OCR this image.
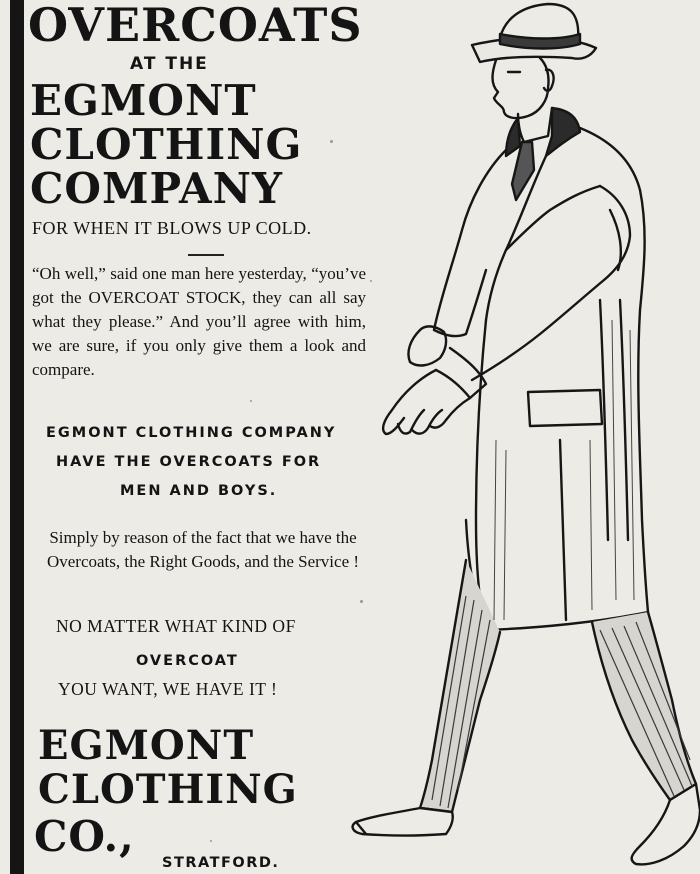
OVERCOATS
AT THE
EGMONT
CLOTHING
COMPANY
FOR WHEN IT BLOWS UP COLD.
“Oh well,” said one man here yesterday, “you’ve got the OVERCOAT STOCK, they can all say what they please.” And you’ll agree with him, we are sure, if you only give them a look and compare.
EGMONT CLOTHING COMPANY
HAVE THE OVERCOATS FOR
MEN AND BOYS.
Simply by reason of the fact that we have the Overcoats, the Right Goods, and the Service !
NO MATTER WHAT KIND OF
OVERCOAT
YOU WANT, WE HAVE IT !
EGMONT
CLOTHING
CO.,
STRATFORD.
